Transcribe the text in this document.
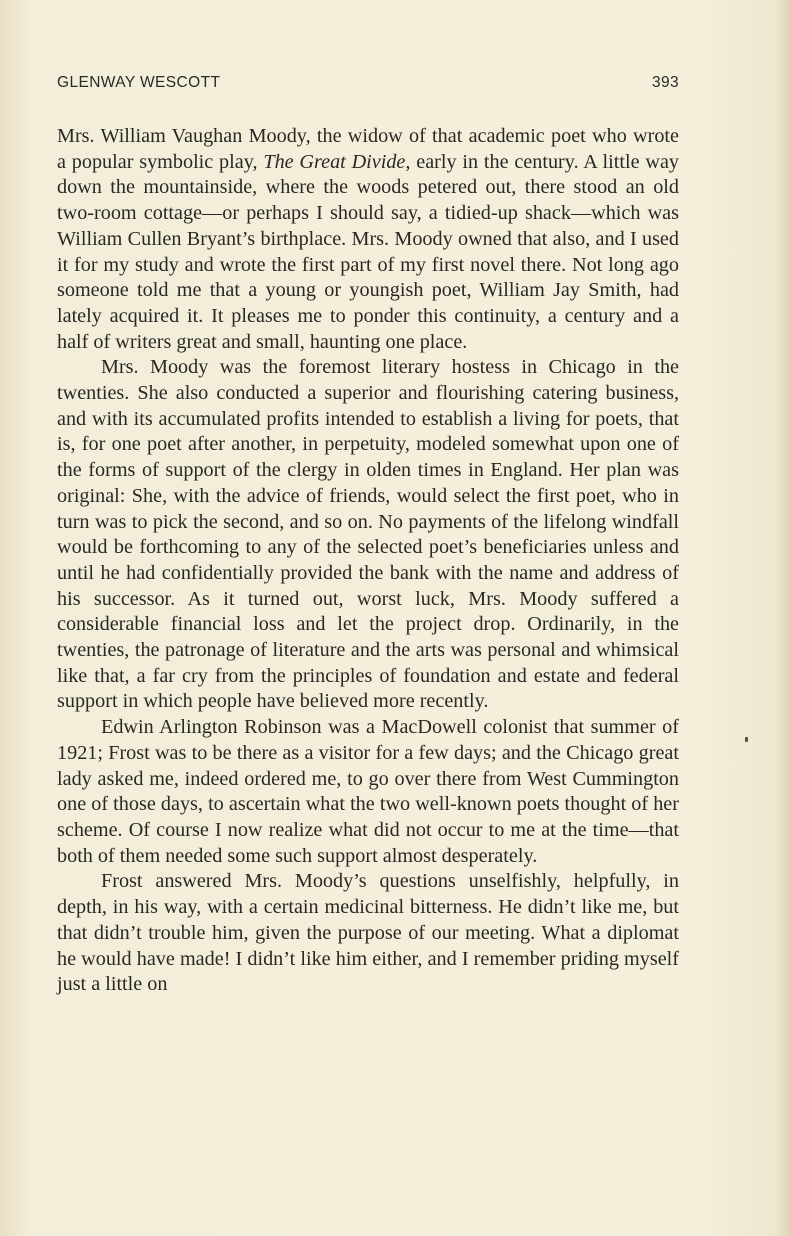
GLENWAY WESCOTT	393

Mrs. William Vaughan Moody, the widow of that academic poet who wrote a popular symbolic play, The Great Divide, early in the century. A little way down the mountainside, where the woods petered out, there stood an old two-room cottage—or perhaps I should say, a tidied-up shack—which was William Cullen Bryant’s birthplace. Mrs. Moody owned that also, and I used it for my study and wrote the first part of my first novel there. Not long ago someone told me that a young or youngish poet, William Jay Smith, had lately acquired it. It pleases me to ponder this continuity, a century and a half of writers great and small, haunting one place.

Mrs. Moody was the foremost literary hostess in Chicago in the twenties. She also conducted a superior and flourishing catering business, and with its accumulated profits intended to establish a living for poets, that is, for one poet after another, in perpetuity, modeled somewhat upon one of the forms of support of the clergy in olden times in England. Her plan was original: She, with the advice of friends, would select the first poet, who in turn was to pick the second, and so on. No payments of the lifelong windfall would be forthcoming to any of the selected poet’s beneficiaries unless and until he had confidentially provided the bank with the name and address of his successor. As it turned out, worst luck, Mrs. Moody suffered a considerable financial loss and let the project drop. Ordinarily, in the twenties, the patronage of literature and the arts was personal and whimsical like that, a far cry from the principles of foundation and estate and federal support in which people have believed more recently.

Edwin Arlington Robinson was a MacDowell colonist that summer of 1921; Frost was to be there as a visitor for a few days; and the Chicago great lady asked me, indeed ordered me, to go over there from West Cummington one of those days, to ascertain what the two well-known poets thought of her scheme. Of course I now realize what did not occur to me at the time—that both of them needed some such support almost desperately.

Frost answered Mrs. Moody’s questions unselfishly, helpfully, in depth, in his way, with a certain medicinal bitterness. He didn’t like me, but that didn’t trouble him, given the purpose of our meeting. What a diplomat he would have made! I didn’t like him either, and I remember priding myself just a little on
